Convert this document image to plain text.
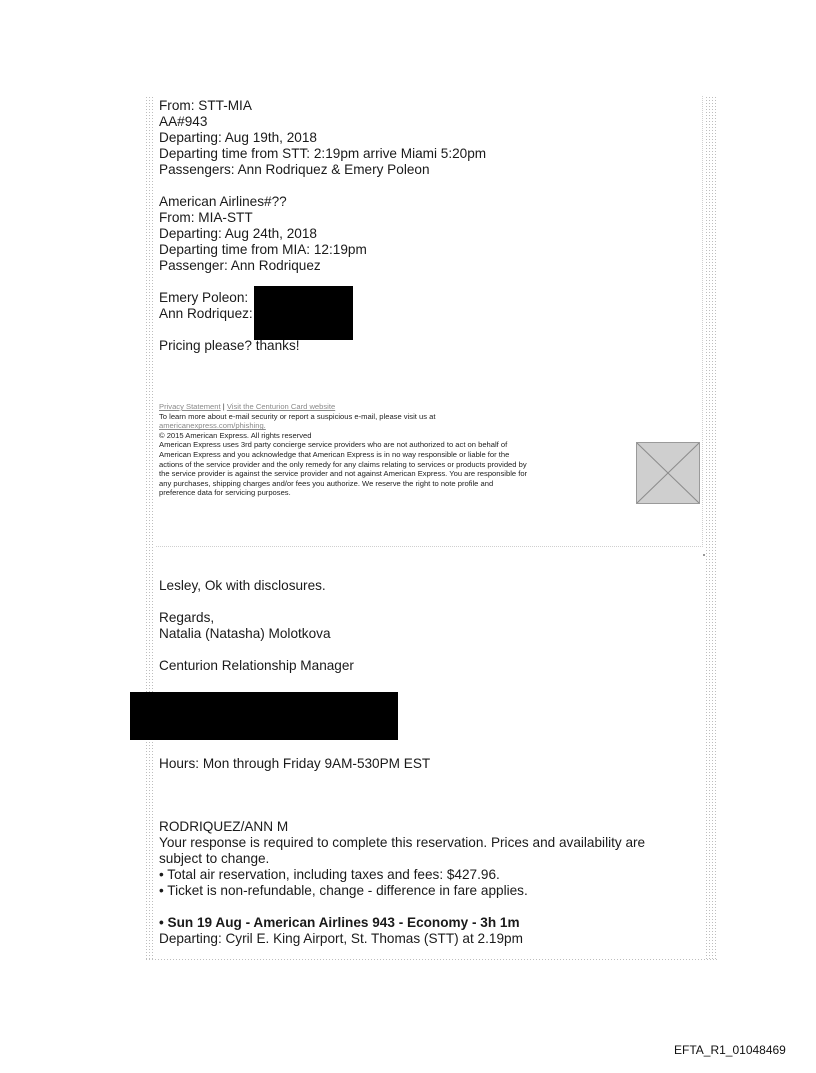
From: STT-MIA
AA#943
Departing: Aug 19th, 2018
Departing time from STT: 2:19pm arrive Miami 5:20pm
Passengers: Ann Rodriquez & Emery Poleon
American Airlines#??
From: MIA-STT
Departing: Aug 24th, 2018
Departing time from MIA: 12:19pm
Passenger: Ann Rodriquez
Emery Poleon:
Ann Rodriquez:
Pricing please? thanks!
Privacy Statement | Visit the Centurion Card website
To learn more about e-mail security or report a suspicious e-mail, please visit us at
americanexpress.com/phishing.
© 2015 American Express. All rights reserved
American Express uses 3rd party concierge service providers who are not authorized to act on behalf of
American Express and you acknowledge that American Express is in no way responsible or liable for the
actions of the service provider and the only remedy for any claims relating to services or products provided by
the service provider is against the service provider and not against American Express. You are responsible for
any purchases, shipping charges and/or fees you authorize. We reserve the right to note profile and
preference data for servicing purposes.
Lesley, Ok with disclosures.
Regards,
Natalia (Natasha) Molotkova
Centurion Relationship Manager
Hours: Mon through Friday 9AM-530PM EST
RODRIQUEZ/ANN M
Your response is required to complete this reservation. Prices and availability are
subject to change.
• Total air reservation, including taxes and fees: $427.96.
• Ticket is non-refundable, change - difference in fare applies.
• Sun 19 Aug - American Airlines 943 - Economy - 3h 1m
Departing: Cyril E. King Airport, St. Thomas (STT) at 2.19pm
EFTA_R1_01048469
